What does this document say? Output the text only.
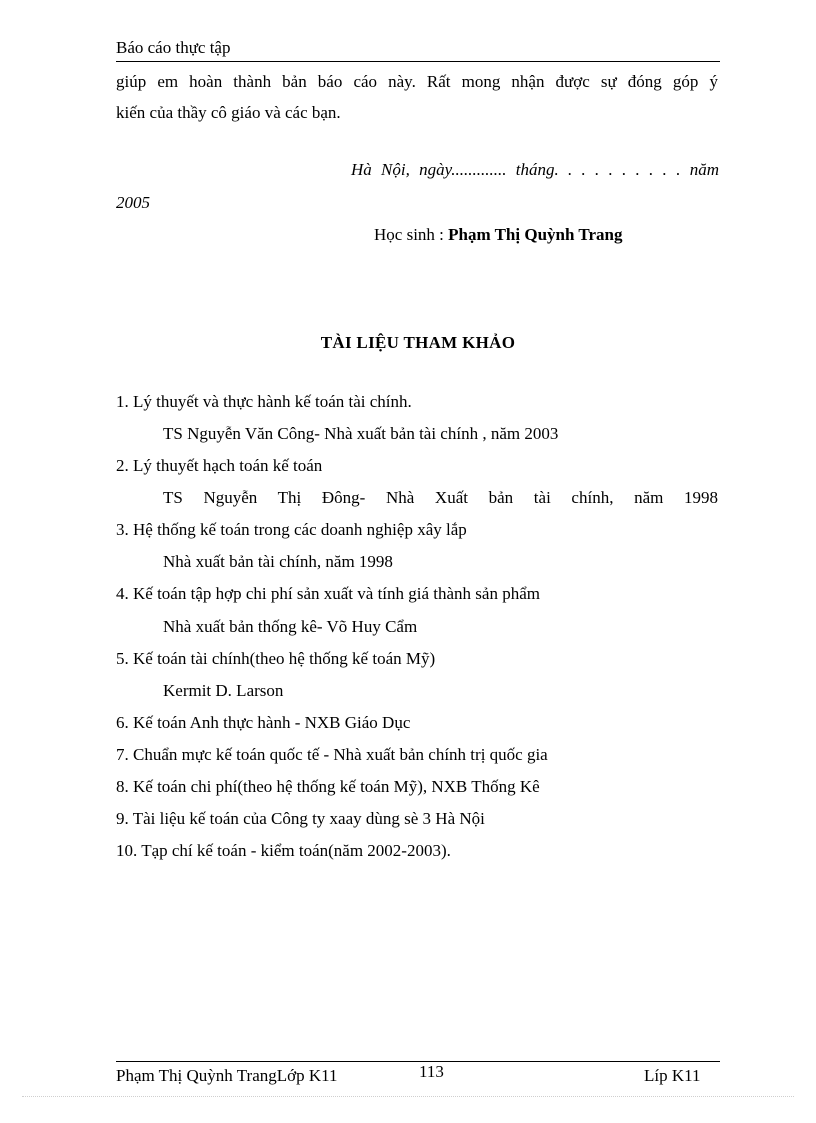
Báo cáo thực tập
giúp em hoàn thành bản báo cáo này. Rất mong nhận được sự đóng góp ý
kiến của thầy cô giáo và các bạn.
Hà Nội, ngày............. tháng. . . . . . . . . . năm
2005
Học sinh : Phạm Thị Quỳnh Trang
TÀI LIỆU THAM KHẢO
1. Lý thuyết và thực hành kế toán tài chính.
TS Nguyễn Văn Công- Nhà xuất bản tài chính , năm 2003
2. Lý thuyết hạch toán kế toán
TS Nguyễn Thị Đông- Nhà Xuất bản tài chính, năm 1998
3. Hệ thống kế toán trong các doanh nghiệp xây lắp
Nhà xuất bản tài chính, năm 1998
4. Kế toán tập hợp chi phí sản xuất và tính giá thành sản phẩm
Nhà xuất bản thống kê- Võ Huy Cẩm
5. Kế toán tài chính(theo hệ thống kế toán Mỹ)
Kermit D. Larson
6. Kế toán Anh thực hành - NXB Giáo Dục
7. Chuẩn mực kế toán quốc tế - Nhà xuất bản chính trị quốc gia
8. Kế toán chi phí(theo hệ thống kế toán Mỹ), NXB Thống Kê
9. Tài liệu kế toán của Công ty xaay dùng sè 3 Hà Nội
10. Tạp chí kế toán - kiểm toán(năm 2002-2003).
Phạm Thị Quỳnh TrangLớp K11	113	Líp K11
